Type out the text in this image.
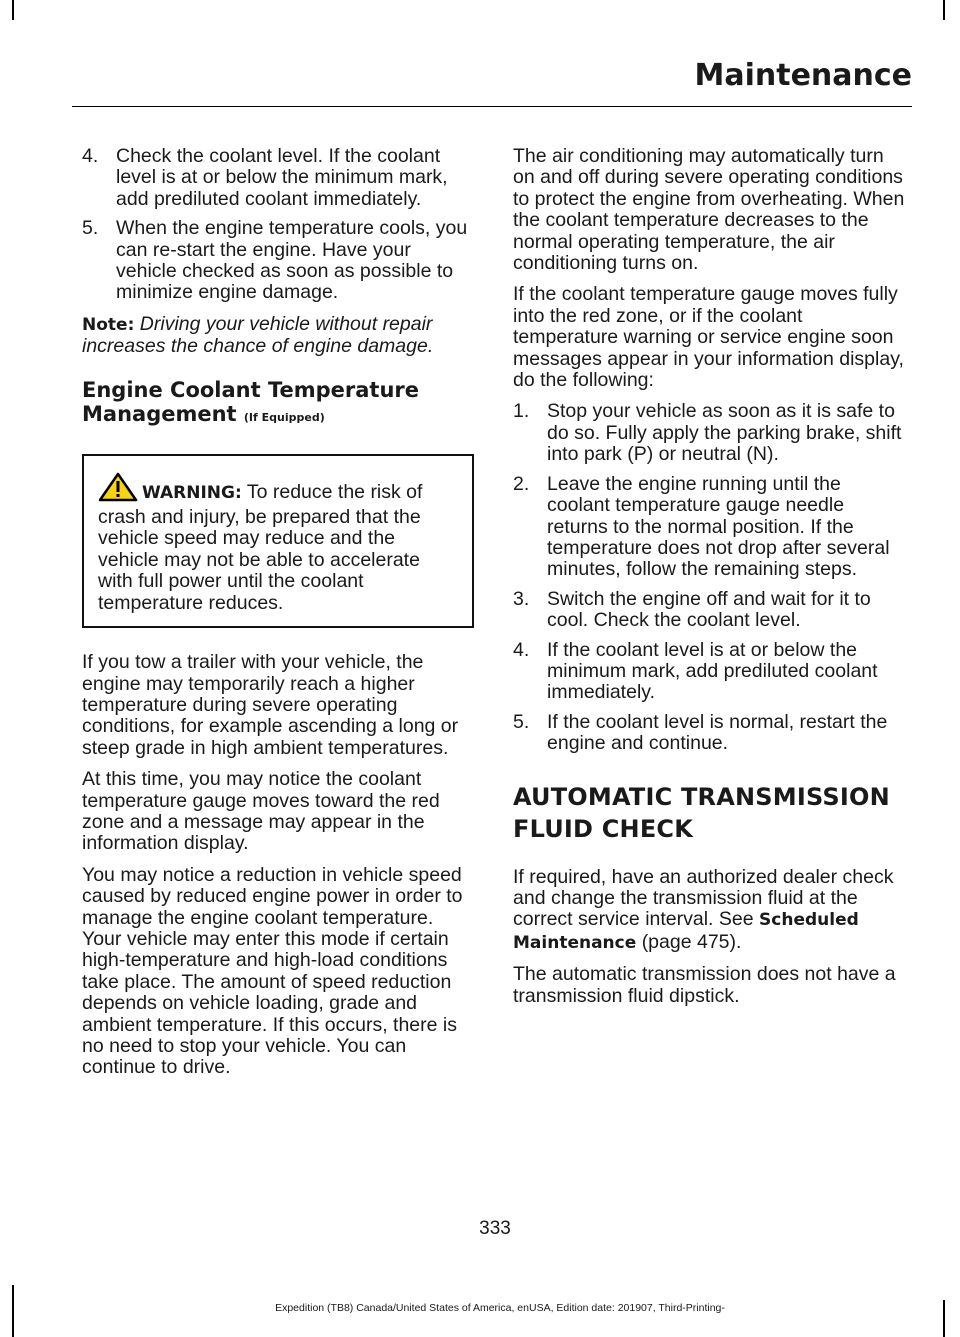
Maintenance
4. Check the coolant level. If the coolant level is at or below the minimum mark, add prediluted coolant immediately.
5. When the engine temperature cools, you can re-start the engine. Have your vehicle checked as soon as possible to minimize engine damage.

Note: Driving your vehicle without repair increases the chance of engine damage.

Engine Coolant Temperature Management (If Equipped)
WARNING: To reduce the risk of crash and injury, be prepared that the vehicle speed may reduce and the vehicle may not be able to accelerate with full power until the coolant temperature reduces.

If you tow a trailer with your vehicle, the engine may temporarily reach a higher temperature during severe operating conditions, for example ascending a long or steep grade in high ambient temperatures.

At this time, you may notice the coolant temperature gauge moves toward the red zone and a message may appear in the information display.

You may notice a reduction in vehicle speed caused by reduced engine power in order to manage the engine coolant temperature. Your vehicle may enter this mode if certain high-temperature and high-load conditions take place. The amount of speed reduction depends on vehicle loading, grade and ambient temperature. If this occurs, there is no need to stop your vehicle. You can continue to drive.

The air conditioning may automatically turn on and off during severe operating conditions to protect the engine from overheating. When the coolant temperature decreases to the normal operating temperature, the air conditioning turns on.

If the coolant temperature gauge moves fully into the red zone, or if the coolant temperature warning or service engine soon messages appear in your information display, do the following:

1. Stop your vehicle as soon as it is safe to do so. Fully apply the parking brake, shift into park (P) or neutral (N).
2. Leave the engine running until the coolant temperature gauge needle returns to the normal position. If the temperature does not drop after several minutes, follow the remaining steps.
3. Switch the engine off and wait for it to cool. Check the coolant level.
4. If the coolant level is at or below the minimum mark, add prediluted coolant immediately.
5. If the coolant level is normal, restart the engine and continue.
AUTOMATIC TRANSMISSION
FLUID CHECK

If required, have an authorized dealer check and change the transmission fluid at the correct service interval. See Scheduled Maintenance (page 475).

The automatic transmission does not have a transmission fluid dipstick.

333

Expedition (TB8) Canada/United States of America, enUSA, Edition date: 201907, Third-Printing-
